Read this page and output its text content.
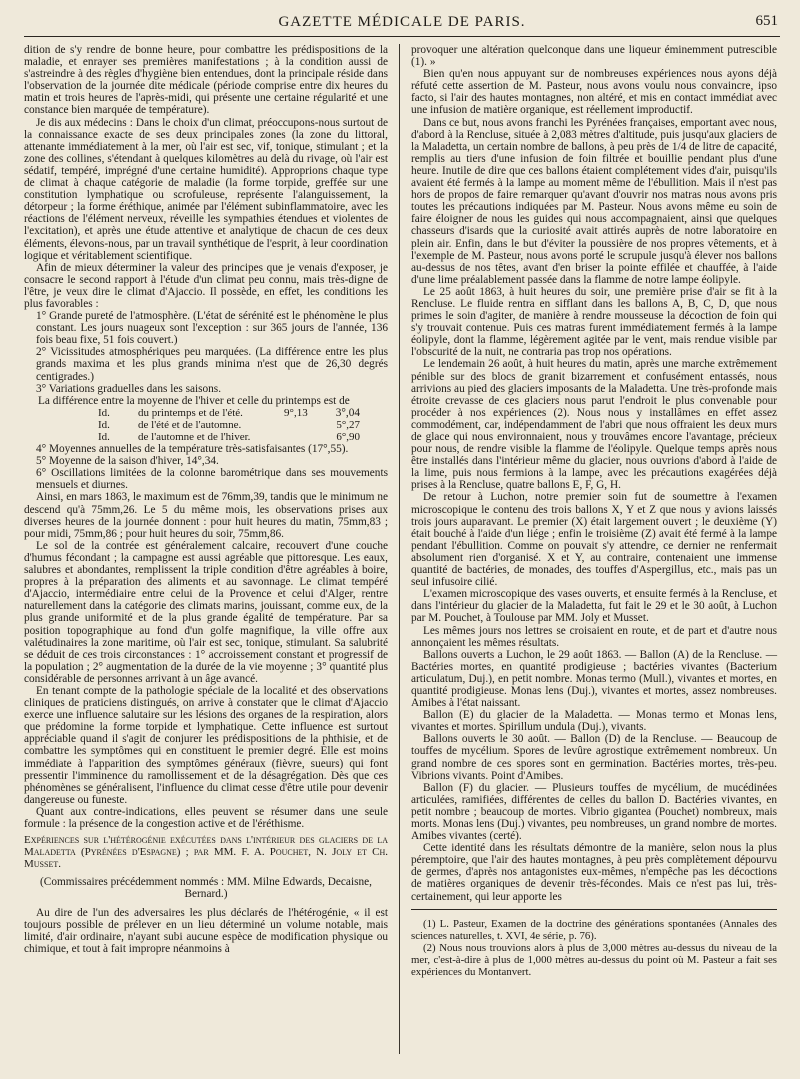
GAZETTE MÉDICALE DE PARIS.	651

dition de s'y rendre de bonne heure, pour combattre les prédispositions de la maladie, et enrayer ses premières manifestations ; à la condition aussi de s'astreindre à des règles d'hygiène bien entendues, dont la principale réside dans l'observation de la journée dite médicale (période comprise entre dix heures du matin et trois heures de l'après-midi, qui présente une certaine régularité et une constance bien marquée de température).

Je dis aux médecins : Dans le choix d'un climat, préoccupons-nous surtout de la connaissance exacte de ses deux principales zones (la zone du littoral, attenante immédiatement à la mer, où l'air est sec, vif, tonique, stimulant ; et la zone des collines, s'étendant à quelques kilomètres au delà du rivage, où l'air est sédatif, tempéré, imprégné d'une certaine humidité). Approprions chaque type de climat à chaque catégorie de maladie (la forme torpide, greffée sur une constitution lymphatique ou scrofuleuse, représente l'alanguissement, la détorpeur ; la forme éréthique, animée par l'élément subinflammatoire, avec les réactions de l'élément nerveux, réveille les sympathies étendues et violentes de l'excitation), et après une étude attentive et analytique de chacun de ces deux éléments, élevons-nous, par un travail synthétique de l'esprit, à leur coordination logique et véritablement scientifique.

Afin de mieux déterminer la valeur des principes que je venais d'exposer, je consacre le second rapport à l'étude d'un climat peu connu, mais très-digne de l'être, je veux dire le climat d'Ajaccio. Il possède, en effet, les conditions les plus favorables :

1° Grande pureté de l'atmosphère. (L'état de sérénité est le phénomène le plus constant. Les jours nuageux sont l'exception : sur 365 jours de l'année, 136 fois beau fixe, 51 fois couvert.)

2° Vicissitudes atmosphériques peu marquées. (La différence entre les plus grands maxima et les plus grands minima n'est que de 26,30 degrés centigrades.)

3° Variations graduelles dans les saisons.

La différence entre la moyenne de l'hiver et celle du printemps est de
3°,04

Id.	du printemps et de l'été.	9°,13
Id.	de l'été et de l'automne.	5°,27
Id.	de l'automne et de l'hiver.	6°,90

4° Moyennes annuelles de la température très-satisfaisantes (17°,55).

5° Moyenne de la saison d'hiver, 14°,34.

6° Oscillations limitées de la colonne barométrique dans ses mouvements mensuels et diurnes.

Ainsi, en mars 1863, le maximum est de 76mm,39, tandis que le minimum ne descend qu'à 75mm,26. Le 5 du même mois, les observations prises aux diverses heures de la journée donnent : pour huit heures du matin, 75mm,83 ; pour midi, 75mm,86 ; pour huit heures du soir, 75mm,86.

Le sol de la contrée est généralement calcaire, recouvert d'une couche d'humus fécondant ; la campagne est aussi agréable que pittoresque. Les eaux, salubres et abondantes, remplissent la triple condition d'être agréables à boire, propres à la préparation des aliments et au savonnage. Le climat tempéré d'Ajaccio, intermédiaire entre celui de la Provence et celui d'Alger, rentre naturellement dans la catégorie des climats marins, jouissant, comme eux, de la plus grande uniformité et de la plus grande égalité de température. Par sa position topographique au fond d'un golfe magnifique, la ville offre aux valétudinaires la zone maritime, où l'air est sec, tonique, stimulant. Sa salubrité se déduit de ces trois circonstances : 1° accroissement constant et progressif de la population ; 2° augmentation de la durée de la vie moyenne ; 3° quantité plus considérable de personnes arrivant à un âge avancé.

En tenant compte de la pathologie spéciale de la localité et des observations cliniques de praticiens distingués, on arrive à constater que le climat d'Ajaccio exerce une influence salutaire sur les lésions des organes de la respiration, alors que prédomine la forme torpide et lymphatique. Cette influence est surtout appréciable quand il s'agit de conjurer les prédispositions de la phthisie, et de combattre les symptômes qui en constituent le premier degré. Elle est moins immédiate à l'apparition des symptômes généraux (fièvre, sueurs) qui font pressentir l'imminence du ramollissement et de la désagrégation. Dès que ces phénomènes se généralisent, l'influence du climat cesse d'être utile pour devenir dangereuse ou funeste.

Quant aux contre-indications, elles peuvent se résumer dans une seule formule : la présence de la congestion active et de l'éréthisme.

Expériences sur l'hétérogénie exécutées dans l'intérieur des glaciers de la Maladetta (Pyrénées d'Espagne) ; par MM. F. A. Pouchet, N. Joly et Ch. Musset.

(Commissaires précédemment nommés : MM. Milne Edwards, Decaisne, Bernard.)

Au dire de l'un des adversaires les plus déclarés de l'hétérogénie, « il est toujours possible de prélever en un lieu déterminé un volume notable, mais limité, d'air ordinaire, n'ayant subi aucune espèce de modification physique ou chimique, et tout à fait impropre néanmoins à

provoquer une altération quelconque dans une liqueur éminemment putrescible (1). »

Bien qu'en nous appuyant sur de nombreuses expériences nous ayons déjà réfuté cette assertion de M. Pasteur, nous avons voulu nous convaincre, ipso facto, si l'air des hautes montagnes, non altéré, et mis en contact immédiat avec une infusion de matière organique, est réellement improductif.

Dans ce but, nous avons franchi les Pyrénées françaises, emportant avec nous, d'abord à la Rencluse, située à 2,083 mètres d'altitude, puis jusqu'aux glaciers de la Maladetta, un certain nombre de ballons, à peu près de 1/4 de litre de capacité, remplis au tiers d'une infusion de foin filtrée et bouillie pendant plus d'une heure. Inutile de dire que ces ballons étaient complétement vides d'air, puisqu'ils avaient été fermés à la lampe au moment même de l'ébullition. Mais il n'est pas hors de propos de faire remarquer qu'avant d'ouvrir nos matras nous avons pris toutes les précautions indiquées par M. Pasteur. Nous avons même eu soin de faire éloigner de nous les guides qui nous accompagnaient, ainsi que quelques chasseurs d'isards que la curiosité avait attirés auprès de notre laboratoire en plein air. Enfin, dans le but d'éviter la poussière de nos propres vêtements, et à l'exemple de M. Pasteur, nous avons porté le scrupule jusqu'à élever nos ballons au-dessus de nos têtes, avant d'en briser la pointe effilée et chauffée, à l'aide d'une lime préalablement passée dans la flamme de notre lampe éolipyle.

Le 25 août 1863, à huit heures du soir, une première prise d'air se fit à la Rencluse. Le fluide rentra en sifflant dans les ballons A, B, C, D, que nous primes le soin d'agiter, de manière à rendre mousseuse la décoction de foin qui s'y trouvait contenue. Puis ces matras furent immédiatement fermés à la lampe éolipyle, dont la flamme, légèrement agitée par le vent, mais rendue visible par l'obscurité de la nuit, ne contraria pas trop nos opérations.

Le lendemain 26 août, à huit heures du matin, après une marche extrêmement pénible sur des blocs de granit bizarrement et confusément entassés, nous arrivions au pied des glaciers imposants de la Maladetta. Une très-profonde mais étroite crevasse de ces glaciers nous parut l'endroit le plus convenable pour procéder à nos expériences (2). Nous nous y installâmes en effet assez commodément, car, indépendamment de l'abri que nous offraient les deux murs de glace qui nous environnaient, nous y trouvâmes encore l'avantage, précieux pour nous, de rendre visible la flamme de l'éolipyle. Quelque temps après nous être installés dans l'intérieur même du glacier, nous ouvrions d'abord à l'aide de la lime, puis nous fermions à la lampe, avec les précautions exagérées déjà prises à la Rencluse, quatre ballons E, F, G, H.

De retour à Luchon, notre premier soin fut de soumettre à l'examen microscopique le contenu des trois ballons X, Y et Z que nous y avions laissés trois jours auparavant. Le premier (X) était largement ouvert ; le deuxième (Y) était bouché à l'aide d'un liége ; enfin le troisième (Z) avait été fermé à la lampe pendant l'ébullition. Comme on pouvait s'y attendre, ce dernier ne renfermait absolument rien d'organisé. X et Y, au contraire, contenaient une immense quantité de bactéries, de monades, des touffes d'Aspergillus, etc., mais pas un seul infusoire cilié.

L'examen microscopique des vases ouverts, et ensuite fermés à la Rencluse, et dans l'intérieur du glacier de la Maladetta, fut fait le 29 et le 30 août, à Luchon par M. Pouchet, à Toulouse par MM. Joly et Musset.

Les mêmes jours nos lettres se croisaient en route, et de part et d'autre nous annonçaient les mêmes résultats.

Ballons ouverts a Luchon, le 29 août 1863. — Ballon (A) de la Rencluse. — Bactéries mortes, en quantité prodigieuse ; bactéries vivantes (Bacterium articulatum, Duj.), en petit nombre. Monas termo (Mull.), vivantes et mortes, en quantité prodigieuse. Monas lens (Duj.), vivantes et mortes, assez nombreuses. Amibes à l'état naissant.

Ballon (E) du glacier de la Maladetta. — Monas termo et Monas lens, vivantes et mortes. Spirillum undula (Duj.), vivants.

Ballons ouverts le 30 août. — Ballon (D) de la Rencluse. — Beaucoup de touffes de mycélium. Spores de levûre agrostique extrêmement nombreux. Un grand nombre de ces spores sont en germination. Bactéries mortes, très-peu. Vibrions vivants. Point d'Amibes.

Ballon (F) du glacier. — Plusieurs touffes de mycélium, de mucédinées articulées, ramifiées, différentes de celles du ballon D. Bactéries vivantes, en petit nombre ; beaucoup de mortes. Vibrio gigantea (Pouchet) nombreux, mais morts. Monas lens (Duj.) vivantes, peu nombreuses, un grand nombre de mortes. Amibes vivantes (certé).

Cette identité dans les résultats démontre de la manière, selon nous la plus péremptoire, que l'air des hautes montagnes, à peu près complètement dépourvu de germes, d'après nos antagonistes eux-mêmes, n'empêche pas les décoctions de matières organiques de devenir très-fécondes. Mais ce n'est pas lui, très-certainement, qui leur apporte les

(1) L. Pasteur, Examen de la doctrine des générations spontanées (Annales des sciences naturelles, t. XVI, 4e série, p. 76).

(2) Nous nous trouvions alors à plus de 3,000 mètres au-dessus du niveau de la mer, c'est-à-dire à plus de 1,000 mètres au-dessus du point où M. Pasteur a fait ses expériences du Montanvert.
